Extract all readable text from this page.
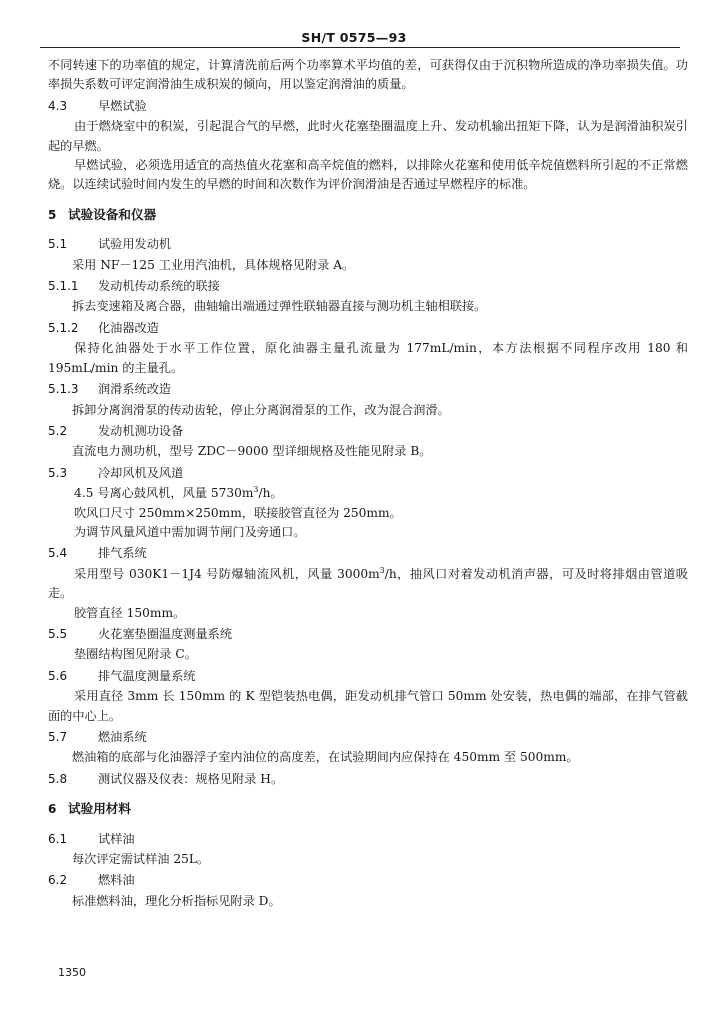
SH/T 0575—93

不同转速下的功率值的规定，计算清洗前后两个功率算术平均值的差，可获得仅由于沉积物所造成的净功率损失值。功率损失系数可评定润滑油生成积炭的倾向，用以鉴定润滑油的质量。

4.3	早燃试验

由于燃烧室中的积炭，引起混合气的早燃，此时火花塞垫圈温度上升、发动机输出扭矩下降，认为是润滑油积炭引起的早燃。

早燃试验，必须选用适宜的高热值火花塞和高辛烷值的燃料，以排除火花塞和使用低辛烷值燃料所引起的不正常燃烧。以连续试验时间内发生的早燃的时间和次数作为评价润滑油是否通过早燃程序的标准。

5 试验设备和仪器
5.1	试验用发动机

采用 NF－125 工业用汽油机，具体规格见附录 A。

5.1.1 发动机传动系统的联接

拆去变速箱及离合器，曲轴输出端通过弹性联轴器直接与测功机主轴相联接。

5.1.2 化油器改造

保持化油器处于水平工作位置，原化油器主量孔流量为 177mL/min，本方法根据不同程序改用 180 和 195mL/min 的主量孔。

5.1.3 润滑系统改造

拆卸分离润滑泵的传动齿轮，停止分离润滑泵的工作，改为混合润滑。

5.2	发动机测功设备

直流电力测功机，型号 ZDC－9000 型详细规格及性能见附录 B。

5.3	冷却风机及风道

4.5 号离心鼓风机，风量 $5730m^3/h$。

吹风口尺寸 250mm×250mm，联接胶管直径为 250mm。

为调节风量风道中需加调节闸门及旁通口。

5.4	排气系统

采用型号 030K1－1J4 号防爆轴流风机，风量 $3000m^3/h$，抽风口对着发动机消声器，可及时将排烟由管道吸走。

胶管直径 150mm。

5.5	火花塞垫圈温度测量系统

垫圈结构图见附录 C。

5.6	排气温度测量系统

采用直径 3mm 长 150mm 的 K 型铠装热电偶，距发动机排气管口 50mm 处安装，热电偶的端部，在排气管截面的中心上。

5.7	燃油系统

燃油箱的底部与化油器浮子室内油位的高度差，在试验期间内应保持在 450mm 至 500mm。

5.8	测试仪器及仪表：规格见附录 H。
6 试验用材料
6.1	试样油

每次评定需试样油 25L。

6.2	燃料油

标准燃料油，理化分析指标见附录 D。

1350
